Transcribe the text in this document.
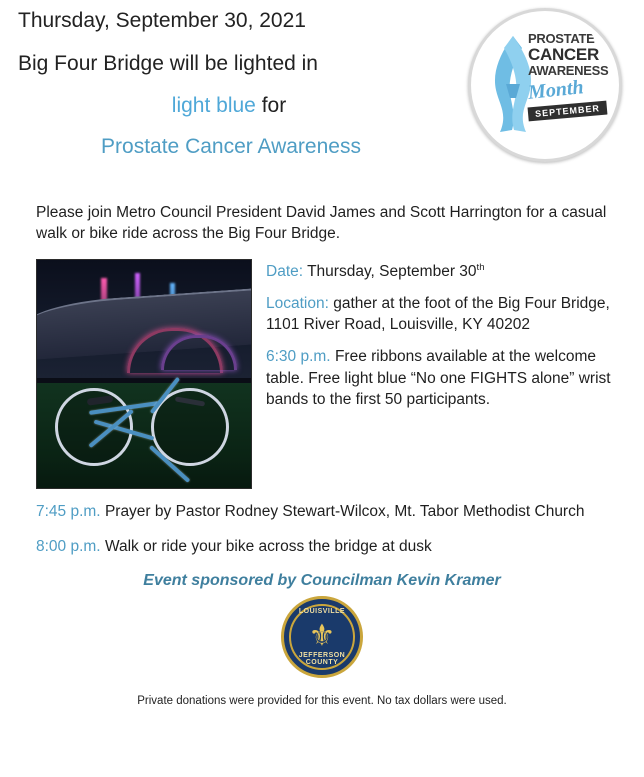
Thursday, September 30, 2021
Big Four Bridge will be lighted in
light blue for
Prostate Cancer Awareness
PROSTATE
CANCER
AWARENESS
Month
SEPTEMBER
Please join Metro Council President David James and Scott Harrington for a casual walk or bike ride across the Big Four Bridge.

Date: Thursday, September 30th

Location: gather at the foot of the Big Four Bridge, 1101 River Road, Louisville, KY 40202

6:30 p.m. Free ribbons available at the welcome table. Free light blue “No one FIGHTS alone” wrist bands to the first 50 participants.

7:45 p.m. Prayer by Pastor Rodney Stewart-Wilcox, Mt. Tabor Methodist Church

8:00 p.m. Walk or ride your bike across the bridge at dusk

Event sponsored by Councilman Kevin Kramer
LOUISVILLE
⚜
JEFFERSON COUNTY
Private donations were provided for this event. No tax dollars were used.
